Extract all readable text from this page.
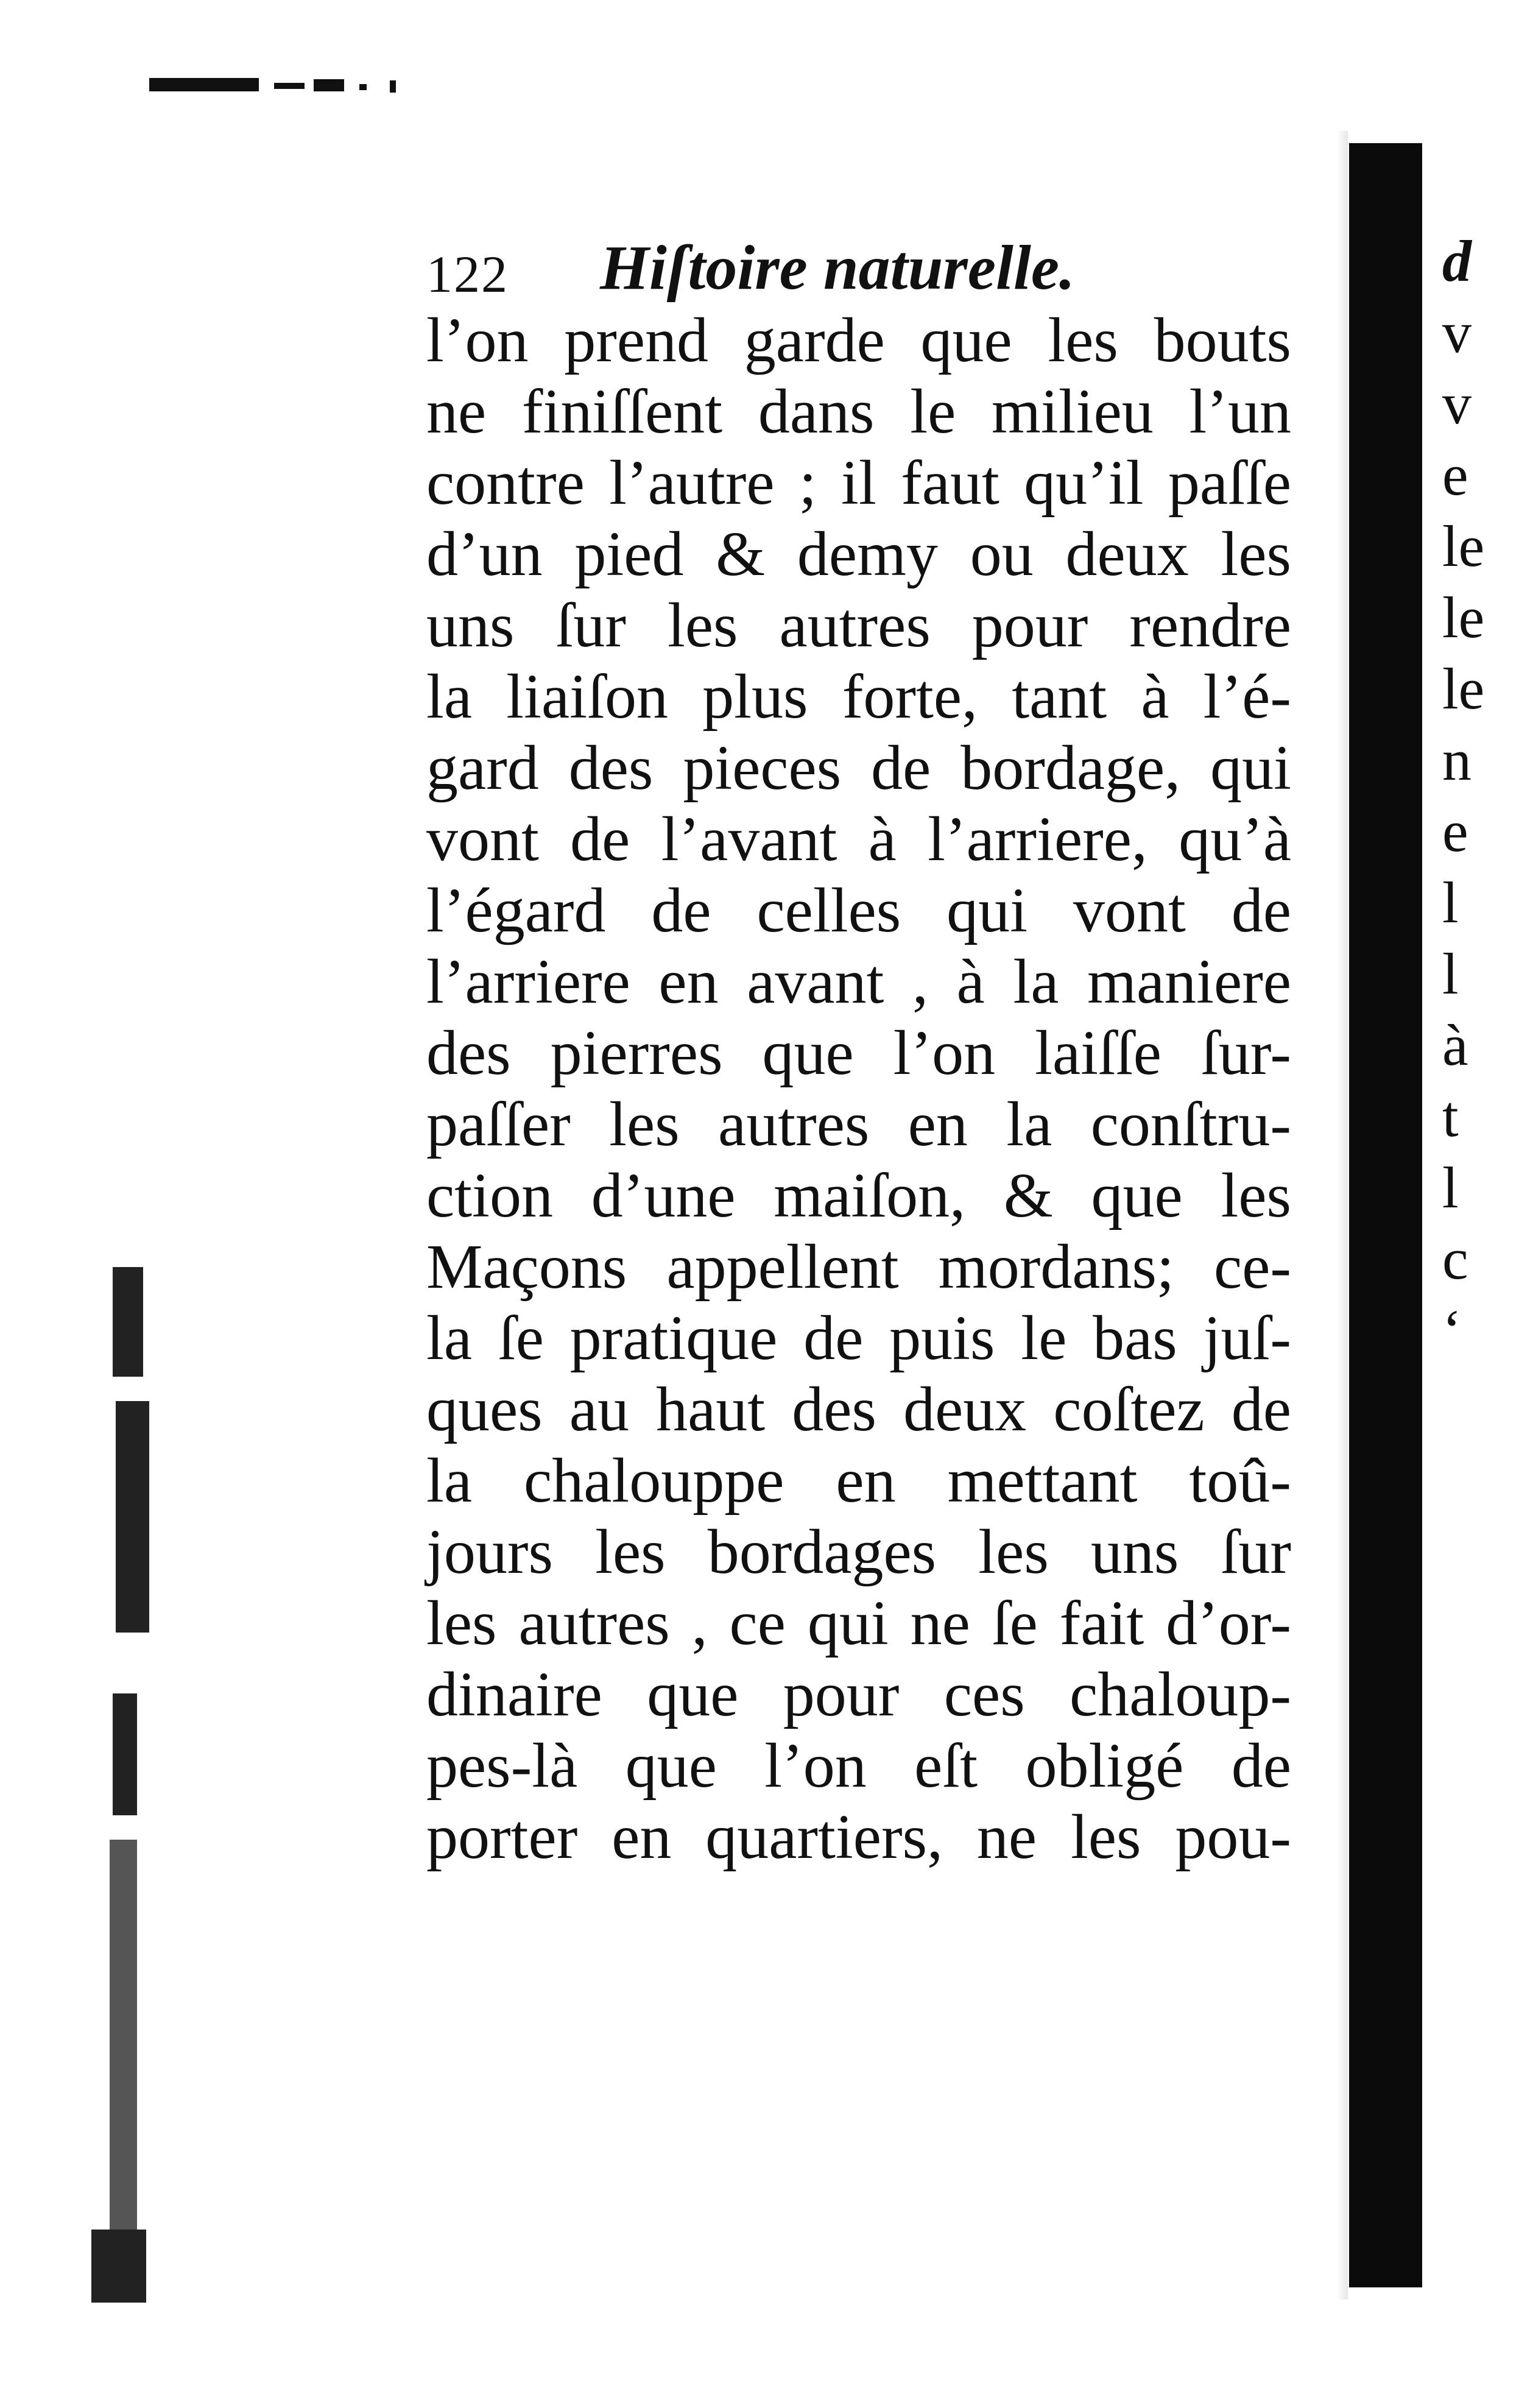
122 Hiſtoire naturelle.
l’on prend garde que les bouts
ne finiſſent dans le milieu l’un
contre l’autre ; il faut qu’il paſſe
d’un pied & demy ou deux les
uns ſur les autres pour rendre
la liaiſon plus forte, tant à l’é-
gard des pieces de bordage, qui
vont de l’avant à l’arriere, qu’à
l’égard de celles qui vont de
l’arriere en avant , à la maniere
des pierres que l’on laiſſe ſur-
paſſer les autres en la conſtru-
ction d’une maiſon, & que les
Maçons appellent mordans; ce-
la ſe pratique de puis le bas juſ-
ques au haut des deux coſtez de
la chalouppe en mettant toû-
jours les bordages les uns ſur
les autres , ce qui ne ſe fait d’or-
dinaire que pour ces chaloup-
pes-là que l’on eſt obligé de
porter en quartiers, ne les pou-
d
v
v
e
le
le
le
n
e
l
l
à
t
l
c
‘
